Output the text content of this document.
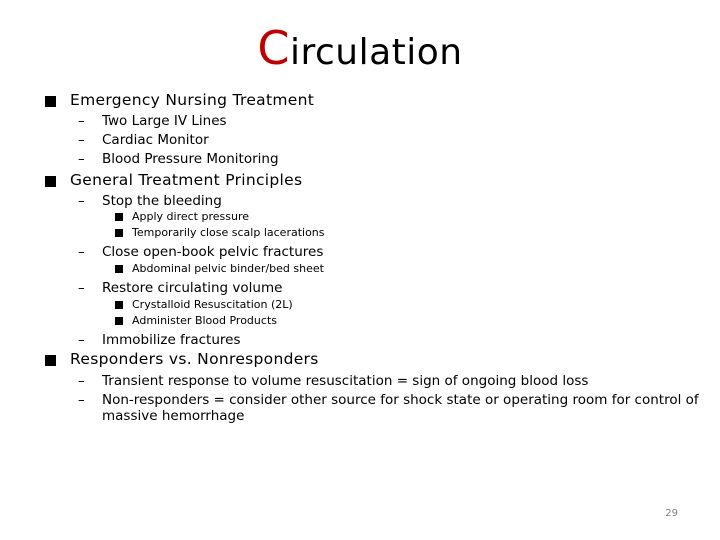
Circulation
Emergency Nursing Treatment
– Two Large IV Lines
– Cardiac Monitor
– Blood Pressure Monitoring
General Treatment Principles
– Stop the bleeding
Apply direct pressure
Temporarily close scalp lacerations
– Close open-book pelvic fractures
Abdominal pelvic binder/bed sheet
– Restore circulating volume
Crystalloid Resuscitation (2L)
Administer Blood Products
– Immobilize fractures
Responders vs. Nonresponders
– Transient response to volume resuscitation = sign of ongoing blood loss
– Non-responders = consider other source for shock state or operating room for control of massive hemorrhage
29
